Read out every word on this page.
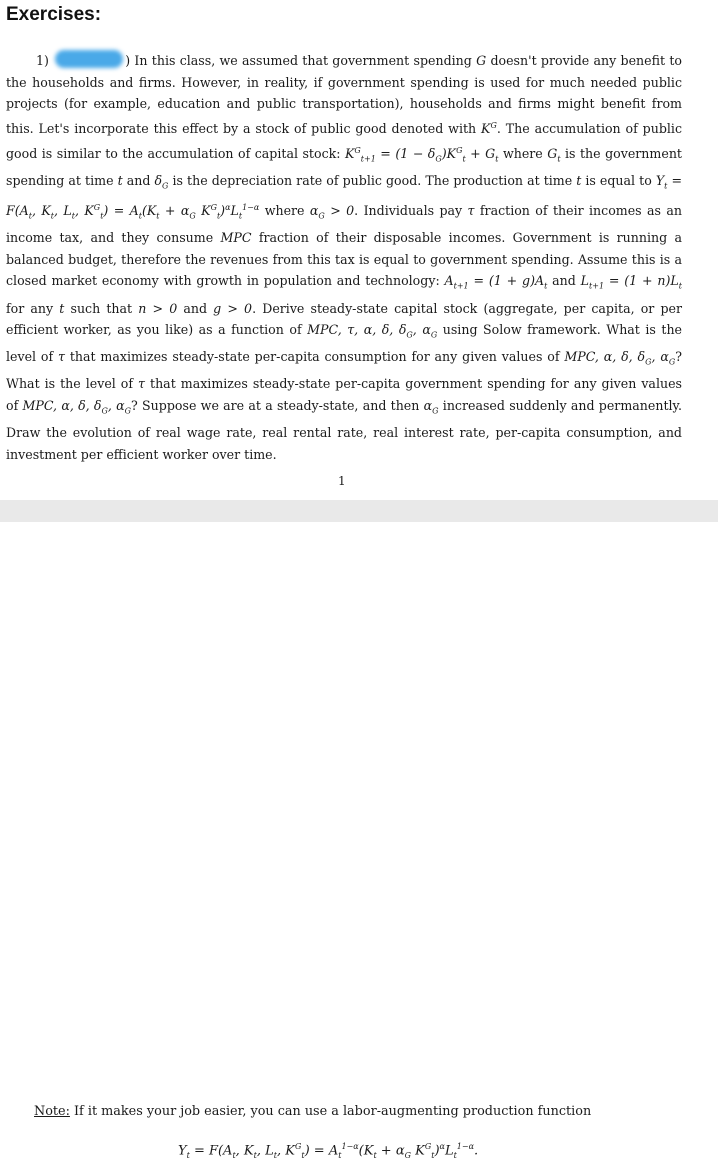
Exercises:
1)	) In this class, we assumed that government spending G doesn't provide any benefit to the households and firms. However, in reality, if government spending is used for much needed public projects (for example, education and public transportation), households and firms might benefit from this. Let's incorporate this effect by a stock of public good denoted with $K^G$. The accumulation of public good is similar to the accumulation of capital stock: $K^G_{t+1} = (1 - \delta_G)K^G_t + G_t$ where $G_t$ is the government spending at time t and $\delta_G$ is the depreciation rate of public good. The production at time t is equal to $Y_t = F(A_t$, $K_t$, $L_t$, $K^G_t) = A_t(K_t + \alpha_G$ $K^G_t)^\alpha L_t^{1-\alpha}$ where $\alpha_G > 0$. Individuals pay τ fraction of their incomes as an income tax, and they consume MPC fraction of their disposable incomes. Government is running a balanced budget, therefore the revenues from this tax is equal to government spending. Assume this is a closed market economy with growth in population and technology: $A_{t+1} = (1 + g)A_t$ and $L_{t+1} = (1 + n)L_t$ for any t such that n > 0 and g > 0. Derive steady-state capital stock (aggregate, per capita, or per efficient worker, as you like) as a function of MPC, τ, α, δ, $\delta_G$, $\alpha_G$ using Solow framework. What is the level of τ that maximizes steady-state per-capita consumption for any given values of MPC, α, δ, $\delta_G$, $\alpha_G$? What is the level of τ that maximizes steady-state per-capita government spending for any given values of MPC, α, δ, $\delta_G$, $\alpha_G$? Suppose we are at a steady-state, and then $\alpha_G$ increased suddenly and permanently. Draw the evolution of real wage rate, real rental rate, real interest rate, per-capita consumption, and investment per efficient worker over time.
1
Note: If it makes your job easier, you can use a labor-augmenting production function
$Y_t = F(A_t$, $K_t$, $L_t$, $K^G_t) = A_t^{1-\alpha}(K_t + \alpha_G$ $K^G_t)^\alpha L_t^{1-\alpha}$.
